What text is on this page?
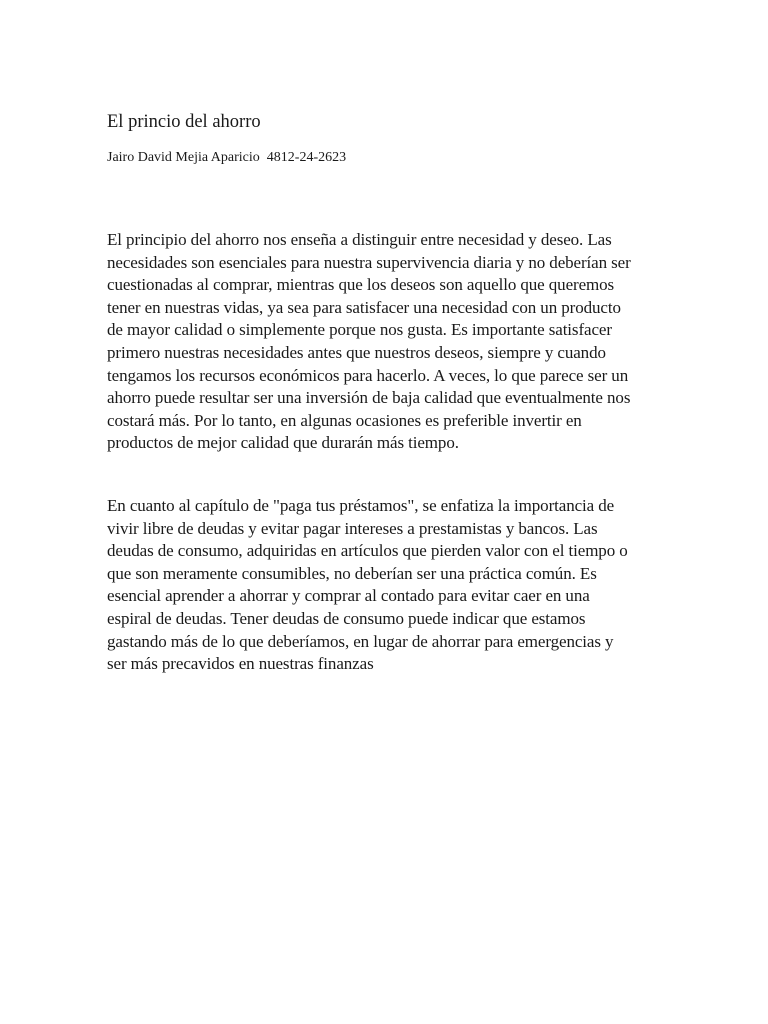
El princio del ahorro

Jairo David Mejia Aparicio  4812-24-2623

El principio del ahorro nos enseña a distinguir entre necesidad y deseo. Las
necesidades son esenciales para nuestra supervivencia diaria y no deberían ser
cuestionadas al comprar, mientras que los deseos son aquello que queremos
tener en nuestras vidas, ya sea para satisfacer una necesidad con un producto
de mayor calidad o simplemente porque nos gusta. Es importante satisfacer
primero nuestras necesidades antes que nuestros deseos, siempre y cuando
tengamos los recursos económicos para hacerlo. A veces, lo que parece ser un
ahorro puede resultar ser una inversión de baja calidad que eventualmente nos
costará más. Por lo tanto, en algunas ocasiones es preferible invertir en
productos de mejor calidad que durarán más tiempo.
En cuanto al capítulo de "paga tus préstamos", se enfatiza la importancia de
vivir libre de deudas y evitar pagar intereses a prestamistas y bancos. Las
deudas de consumo, adquiridas en artículos que pierden valor con el tiempo o
que son meramente consumibles, no deberían ser una práctica común. Es
esencial aprender a ahorrar y comprar al contado para evitar caer en una
espiral de deudas. Tener deudas de consumo puede indicar que estamos
gastando más de lo que deberíamos, en lugar de ahorrar para emergencias y
ser más precavidos en nuestras finanzas
